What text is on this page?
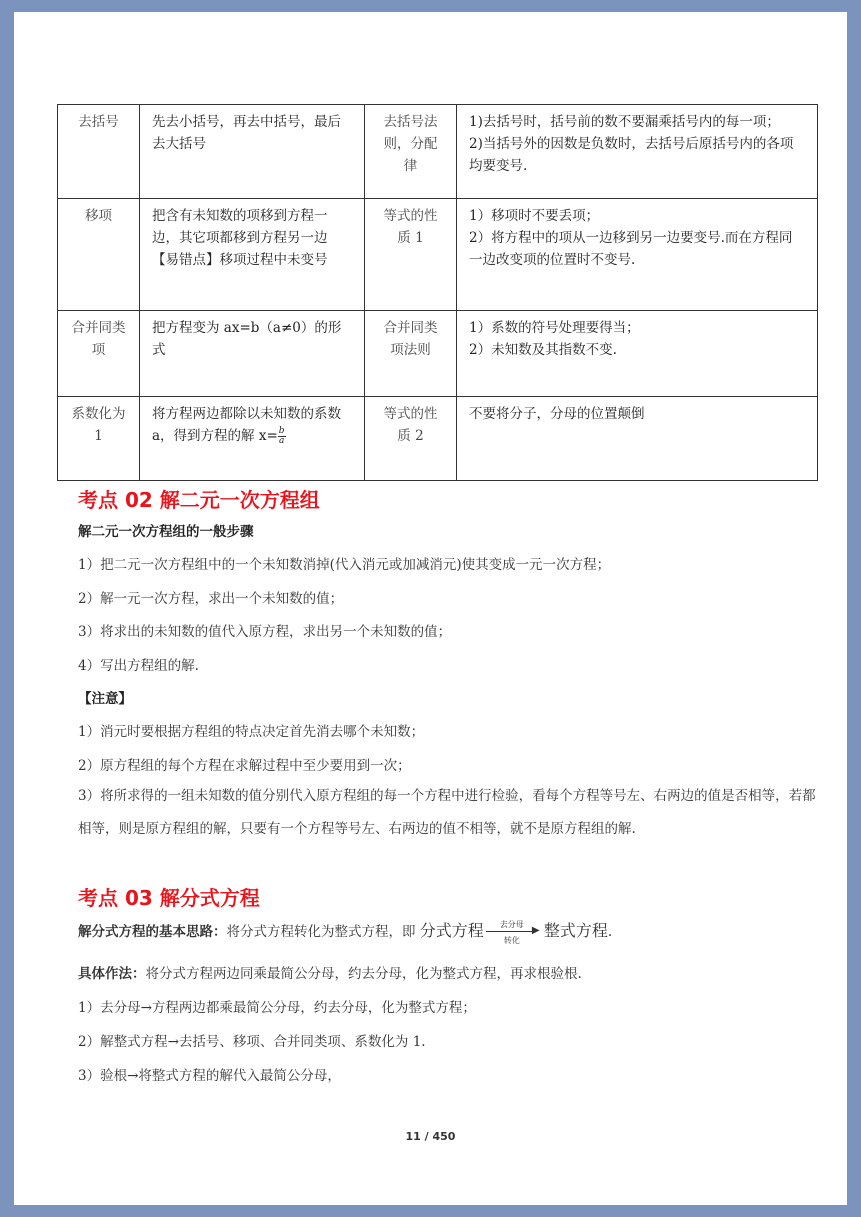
去括号	先去小括号，再去中括号，最后去大括号	去括号法则，分配律	1)去括号时，括号前的数不要漏乘括号内的每一项；
2)当括号外的因数是负数时，去括号后原括号内的各项均要变号.
移项	把含有未知数的项移到方程一边，其它项都移到方程另一边【易错点】移项过程中未变号	等式的性质 1	1）移项时不要丢项；
2）将方程中的项从一边移到另一边要变号.而在方程同一边改变项的位置时不变号.
合并同类项	把方程变为 ax=b（a≠0）的形式	合并同类项法则	1）系数的符号处理要得当；
2）未知数及其指数不变.
系数化为 1	将方程两边都除以未知数的系数 a，得到方程的解 $x= \frac{b}{a}$	等式的性质 2	不要将分子，分母的位置颠倒
考点 02 解二元一次方程组
解二元一次方程组的一般步骤
1）把二元一次方程组中的一个未知数消掉(代入消元或加减消元)使其变成一元一次方程；
2）解一元一次方程，求出一个未知数的值；
3）将求出的未知数的值代入原方程，求出另一个未知数的值；
4）写出方程组的解.
【注意】
1）消元时要根据方程组的特点决定首先消去哪个未知数；
2）原方程组的每个方程在求解过程中至少要用到一次；
3）将所求得的一组未知数的值分别代入原方程组的每一个方程中进行检验，看每个方程等号左、右两边的值是否相等，若都相等，则是原方程组的解，只要有一个方程等号左、右两边的值不相等，就不是原方程组的解.
考点 03 解分式方程
解分式方程的基本思路：将分式方程转化为整式方程，即 分式方程	去分母
▶
转化	整式方程.
具体作法：将分式方程两边同乘最简公分母，约去分母，化为整式方程，再求根验根.
1）去分母→方程两边都乘最简公分母，约去分母，化为整式方程；
2）解整式方程→去括号、移项、合并同类项、系数化为 1.
3）验根→将整式方程的解代入最简公分母，
11 / 450
